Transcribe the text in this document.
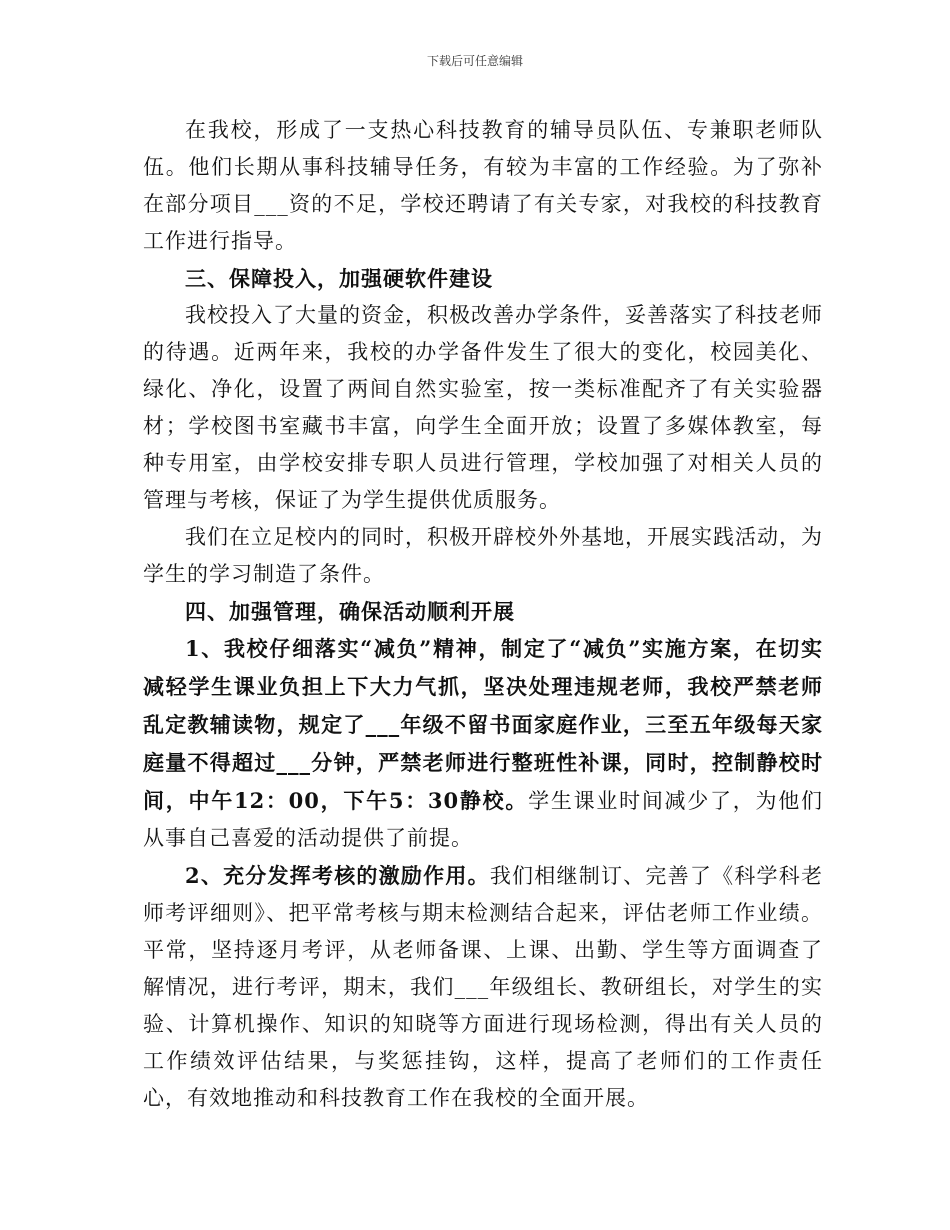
下载后可任意编辑

在我校，形成了一支热心科技教育的辅导员队伍、专兼职老师队伍。他们长期从事科技辅导任务，有较为丰富的工作经验。为了弥补在部分项目___资的不足，学校还聘请了有关专家，对我校的科技教育工作进行指导。

三、保障投入，加强硬软件建设

我校投入了大量的资金，积极改善办学条件，妥善落实了科技老师的待遇。近两年来，我校的办学备件发生了很大的变化，校园美化、绿化、净化，设置了两间自然实验室，按一类标准配齐了有关实验器材；学校图书室藏书丰富，向学生全面开放；设置了多媒体教室，每种专用室，由学校安排专职人员进行管理，学校加强了对相关人员的管理与考核，保证了为学生提供优质服务。

我们在立足校内的同时，积极开辟校外外基地，开展实践活动，为学生的学习制造了条件。

四、加强管理，确保活动顺利开展

1、我校仔细落实“减负”精神，制定了“减负”实施方案，在切实减轻学生课业负担上下大力气抓，坚决处理违规老师，我校严禁老师乱定教辅读物，规定了___年级不留书面家庭作业，三至五年级每天家庭量不得超过___分钟，严禁老师进行整班性补课，同时，控制静校时间，中午12：00，下午5：30静校。学生课业时间减少了，为他们从事自己喜爱的活动提供了前提。

2、充分发挥考核的激励作用。我们相继制订、完善了《科学科老师考评细则》、把平常考核与期末检测结合起来，评估老师工作业绩。平常，坚持逐月考评，从老师备课、上课、出勤、学生等方面调查了解情况，进行考评，期末，我们___年级组长、教研组长，对学生的实验、计算机操作、知识的知晓等方面进行现场检测，得出有关人员的工作绩效评估结果，与奖惩挂钩，这样，提高了老师们的工作责任心，有效地推动和科技教育工作在我校的全面开展。
